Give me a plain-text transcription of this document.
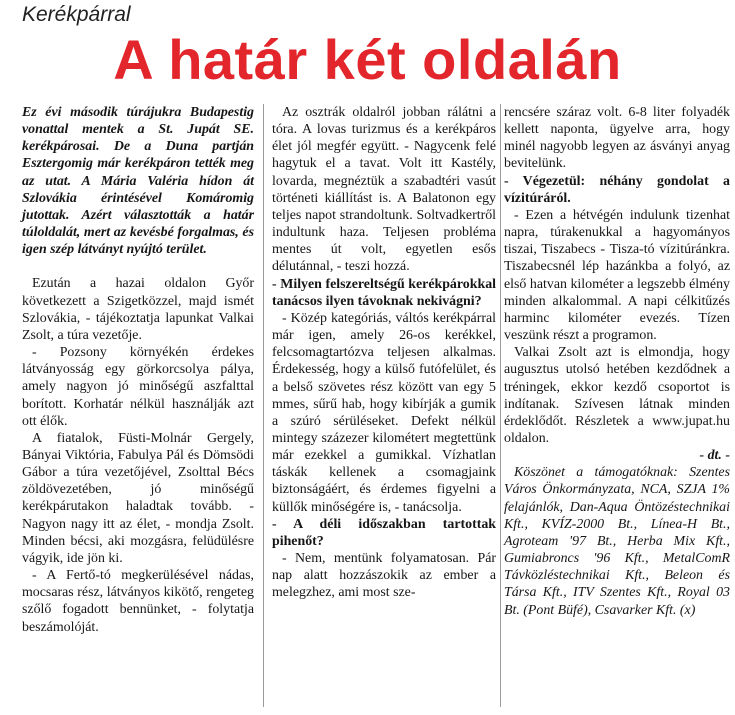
Kerékpárral
A határ két oldalán

Ez évi második túrájukra Budapestig vonattal mentek a St. Jupát SE. kerékpárosai. De a Duna partján Esztergomig már kerékpáron tették meg az utat. A Mária Valéria hídon át Szlovákia érintésével Komáromig jutottak. Azért választották a határ túloldalát, mert az kevésbé forgalmas, és igen szép látványt nyújtó terület.

Ezután a hazai oldalon Győr következett a Szigetközzel, majd ismét Szlovákia, - tájékoztatja lapunkat Valkai Zsolt, a túra vezetője.

- Pozsony környékén érdekes látványosság egy görkorcsolya pálya, amely nagyon jó minőségű aszfalttal borított. Korhatár nélkül használják azt ott élők.

A fiatalok, Füsti-Molnár Gergely, Bányai Viktória, Fabulya Pál és Dömsödi Gábor a túra vezetőjével, Zsolttal Bécs zöldövezetében, jó minőségű kerékpárutakon haladtak tovább. - Nagyon nagy itt az élet, - mondja Zsolt. Minden bécsi, aki mozgásra, felüdülésre vágyik, ide jön ki.

- A Fertő-tó megkerülésével nádas, mocsaras rész, látványos kikötő, rengeteg szőlő fogadott bennünket, - folytatja beszámolóját.

Az osztrák oldalról jobban rálátni a tóra. A lovas turizmus és a kerékpáros élet jól megfér együtt. - Nagycenk felé hagytuk el a tavat. Volt itt Kastély, lovarda, megnéztük a szabadtéri vasút történeti kiállítást is. A Balatonon egy teljes napot strandoltunk. Soltvadkertről indultunk haza. Teljesen probléma mentes út volt, egyetlen esős délutánnal, - teszi hozzá.

- Milyen felszereltségű kerékpárokkal tanácsos ilyen távoknak nekivágni?

- Közép kategóriás, váltós kerékpárral már igen, amely 26-os kerékkel, felcsomagtartózva teljesen alkalmas. Érdekesség, hogy a külső futófelület, és a belső szövetes rész között van egy 5 mmes, sűrű hab, hogy kibírják a gumik a szúró sérüléseket. Defekt nélkül mintegy százezer kilométert megtettünk már ezekkel a gumikkal. Vízhatlan táskák kellenek a csomagjaink biztonságáért, és érdemes figyelni a küllők minőségére is, - tanácsolja.

- A déli időszakban tartottak pihenőt?

- Nem, mentünk folyamatosan. Pár nap alatt hozzászokik az ember a melegzhez, ami most sze-

rencsére száraz volt. 6-8 liter folyadék kellett naponta, ügyelve arra, hogy minél nagyobb legyen az ásványi anyag bevitelünk.

- Végezetül: néhány gondolat a vízitúráról.

- Ezen a hétvégén indulunk tizenhat napra, túrakenukkal a hagyományos tiszai, Tiszabecs - Tisza-tó vízitúránkra. Tiszabecsnél lép hazánkba a folyó, az első hatvan kilométer a legszebb élmény minden alkalommal. A napi célkitűzés harminc kilométer evezés. Tízen veszünk részt a programon.

Valkai Zsolt azt is elmondja, hogy augusztus utolsó hetében kezdődnek a tréningek, ekkor kezdő csoportot is indítanak. Szívesen látnak minden érdeklődőt. Részletek a www.jupat.hu oldalon.

- dt. -

Köszönet a támogatóknak: Szentes Város Önkormányzata, NCA, SZJA 1% felajánlók, Dan-Aqua Öntözéstechnikai Kft., KVÍZ-2000 Bt., Línea-H Bt., Agroteam '97 Bt., Herba Mix Kft., Gumiabroncs '96 Kft., MetalComR Távközléstechnikai Kft., Beleon és Társa Kft., ITV Szentes Kft., Royal 03 Bt. (Pont Büfé), Csavarker Kft. (x)
